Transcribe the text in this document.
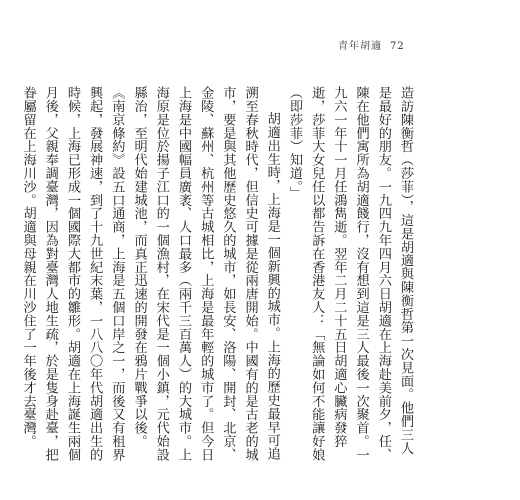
青年胡適 72

造訪陳衡哲（莎菲），這是胡適與陳衡哲第一次見面。他們三人是最好的朋友。一九四九年四月六日胡適在上海赴美前夕，任、陳在他們寓所為胡適餞行，沒有想到這是三人最後一次聚首。一九六一年十一月任鴻雋逝。翌年二月二十五日胡適心臟病發猝逝，莎菲大女兒任以都告訴在香港友人：「無論如何不能讓好娘（即莎菲）知道。」

胡適出生時，上海是一個新興的城市。上海的歷史最早可追溯至春秋時代，但信史可據是從兩唐開始。中國有的是古老的城市，要是與其他歷史悠久的城市，如長安、洛陽、開封、北京、金陵、蘇州、杭州等古城相比，上海是最年輕的城市了。但今日上海是中國幅員廣袤、人口最多（兩千三百萬人）的大城市。上海原是位於揚子江口的一個漁村，在宋代是一個小鎮，元代始設縣治，至明代始建城池，而真正迅速的開發在鴉片戰爭以後。《南京條約》設五口通商，上海是五個口岸之一，而後又有租界興起，發展神速，到了十九世紀末葉，一八八〇年代胡適出生的時候，上海已形成一個國際大都市的雛形。胡適在上海誕生兩個月後，父親奉調臺灣，因為對臺灣人地生疏，於是隻身赴臺，把眷屬留在上海川沙。胡適與母親在川沙住了一年後才去臺灣。
